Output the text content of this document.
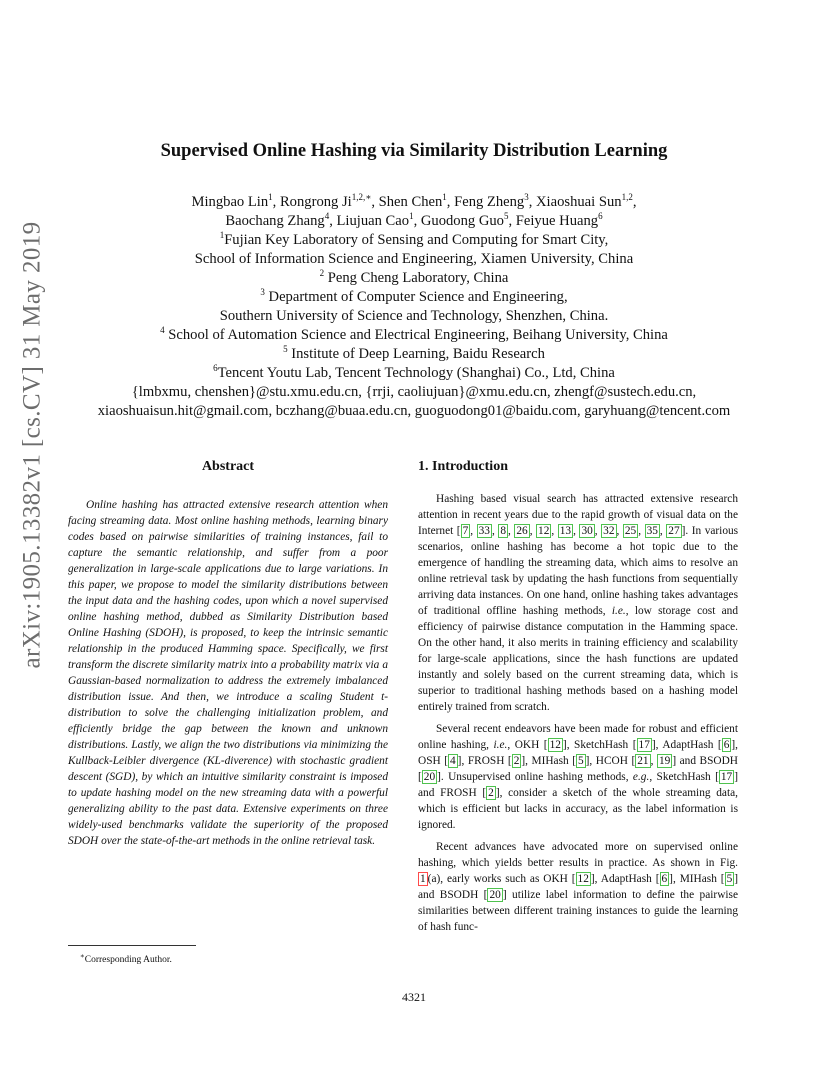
arXiv:1905.13382v1 [cs.CV] 31 May 2019
Supervised Online Hashing via Similarity Distribution Learning
Mingbao Lin$^1$, Rongrong $Ji^{1,2,∗}$, Shen Chen$^1$, Feng Zheng$^3$, Xiaoshuai Sun$^{1,2}$,
Baochang Zhang$^4$, Liujuan Cao$^1$, Guodong Guo$^5$, Feiyue Huang$^6$
$^1$Fujian Key Laboratory of Sensing and Computing for Smart City,
School of Information Science and Engineering, Xiamen University, China
$^2$ Peng Cheng Laboratory, China
$^3$ Department of Computer Science and Engineering,
Southern University of Science and Technology, Shenzhen, China.
$^4$ School of Automation Science and Electrical Engineering, Beihang University, China
$^5$ Institute of Deep Learning, Baidu Research
$^6$Tencent Youtu Lab, Tencent Technology (Shanghai) Co., Ltd, China
{lmbxmu, chenshen}@stu.xmu.edu.cn, {rrji, caoliujuan}@xmu.edu.cn, zhengf@sustech.edu.cn,
xiaoshuaisun.hit@gmail.com, bczhang@buaa.edu.cn, guoguodong01@baidu.com, garyhuang@tencent.com
Abstract

Online hashing has attracted extensive research attention when facing streaming data. Most online hashing methods, learning binary codes based on pairwise similarities of training instances, fail to capture the semantic relationship, and suffer from a poor generalization in large-scale applications due to large variations. In this paper, we propose to model the similarity distributions between the input data and the hashing codes, upon which a novel supervised online hashing method, dubbed as Similarity Distribution based Online Hashing (SDOH), is proposed, to keep the intrinsic semantic relationship in the produced Hamming space. Specifically, we first transform the discrete similarity matrix into a probability matrix via a Gaussian-based normalization to address the extremely imbalanced distribution issue. And then, we introduce a scaling Student t-distribution to solve the challenging initialization problem, and efficiently bridge the gap between the known and unknown distributions. Lastly, we align the two distributions via minimizing the Kullback-Leibler divergence (KL-diverence) with stochastic gradient descent (SGD), by which an intuitive similarity constraint is imposed to update hashing model on the new streaming data with a powerful generalizing ability to the past data. Extensive experiments on three widely-used benchmarks validate the superiority of the proposed SDOH over the state-of-the-art methods in the online retrieval task.

1. Introduction

Hashing based visual search has attracted extensive research attention in recent years due to the rapid growth of visual data on the Internet [ 7 , 33 , 8 , 26 , 12 , 13 , 30 , 32 , 25 , 35 , 27 ]. In various scenarios, online hashing has become a hot topic due to the emergence of handling the streaming data, which aims to resolve an online retrieval task by updating the hash functions from sequentially arriving data instances. On one hand, online hashing takes advantages of traditional offline hashing methods, i.e., low storage cost and efficiency of pairwise distance computation in the Hamming space. On the other hand, it also merits in training efficiency and scalability for large-scale applications, since the hash functions are updated instantly and solely based on the current streaming data, which is superior to traditional hashing methods based on a hashing model entirely trained from scratch.

Several recent endeavors have been made for robust and efficient online hashing, i.e., OKH [ 12 ], SketchHash [ 17 ], AdaptHash [ 6 ], OSH [ 4 ], FROSH [ 2 ], MIHash [ 5 ], HCOH [ 21 , 19 ] and BSODH [ 20 ]. Unsupervised online hashing methods, e.g., SketchHash [ 17 ] and FROSH [ 2 ], consider a sketch of the whole streaming data, which is efficient but lacks in accuracy, as the label information is ignored.

Recent advances have advocated more on supervised online hashing, which yields better results in practice. As shown in Fig. 1 (a), early works such as OKH [ 12 ], AdaptHash [ 6 ], MIHash [ 5 ] and BSODH [ 20 ] utilize label information to define the pairwise similarities between different training instances to guide the learning of hash func-

∗Corresponding Author.
4321
